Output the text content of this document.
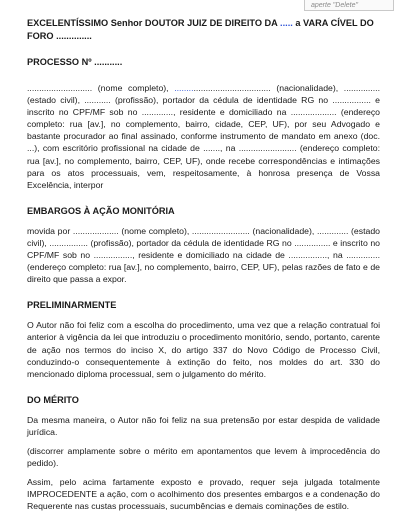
aperte "Delete"

EXCELENTÍSSIMO Senhor DOUTOR JUIZ DE DIREITO DA ..... a VARA CÍVEL DO FORO ..............

PROCESSO Nº ...........

........................... (nome completo), ........................................ (nacionalidade), ............... (estado civil), ........... (profissão), portador da cédula de identidade RG no ................ e inscrito no CPF/MF sob no ............., residente e domiciliado na ................... (endereço completo: rua [av.], no complemento, bairro, cidade, CEP, UF), por seu Advogado e bastante procurador ao final assinado, conforme instrumento de mandato em anexo (doc. ...), com escritório profissional na cidade de ......., na ........................ (endereço completo: rua [av.], no complemento, bairro, CEP, UF), onde recebe correspondências e intimações para os atos processuais, vem, respeitosamente, à honrosa presença de Vossa Excelência, interpor

EMBARGOS À AÇÃO MONITÓRIA

movida por ................... (nome completo), ........................ (nacionalidade), ............. (estado civil), ................ (profissão), portador da cédula de identidade RG no ............... e inscrito no CPF/MF sob no ................, residente e domiciliado na cidade de ................, na .............. (endereço completo: rua [av.], no complemento, bairro, CEP, UF), pelas razões de fato e de direito que passa a expor.

PRELIMINARMENTE

O Autor não foi feliz com a escolha do procedimento, uma vez que a relação contratual foi anterior à vigência da lei que introduziu o procedimento monitório, sendo, portanto, carente de ação nos termos do inciso X, do artigo 337 do Novo Código de Processo Civil, conduzindo-o consequentemente à extinção do feito, nos moldes do art. 330 do mencionado diploma processual, sem o julgamento do mérito.

DO MÉRITO

Da mesma maneira, o Autor não foi feliz na sua pretensão por estar despida de validade jurídica.

(discorrer amplamente sobre o mérito em apontamentos que levem à improcedência do pedido).

Assim, pelo acima fartamente exposto e provado, requer seja julgada totalmente IMPROCEDENTE a ação, com o acolhimento dos presentes embargos e a condenação do Requerente nas custas processuais, sucumbências e demais cominações de estilo.
